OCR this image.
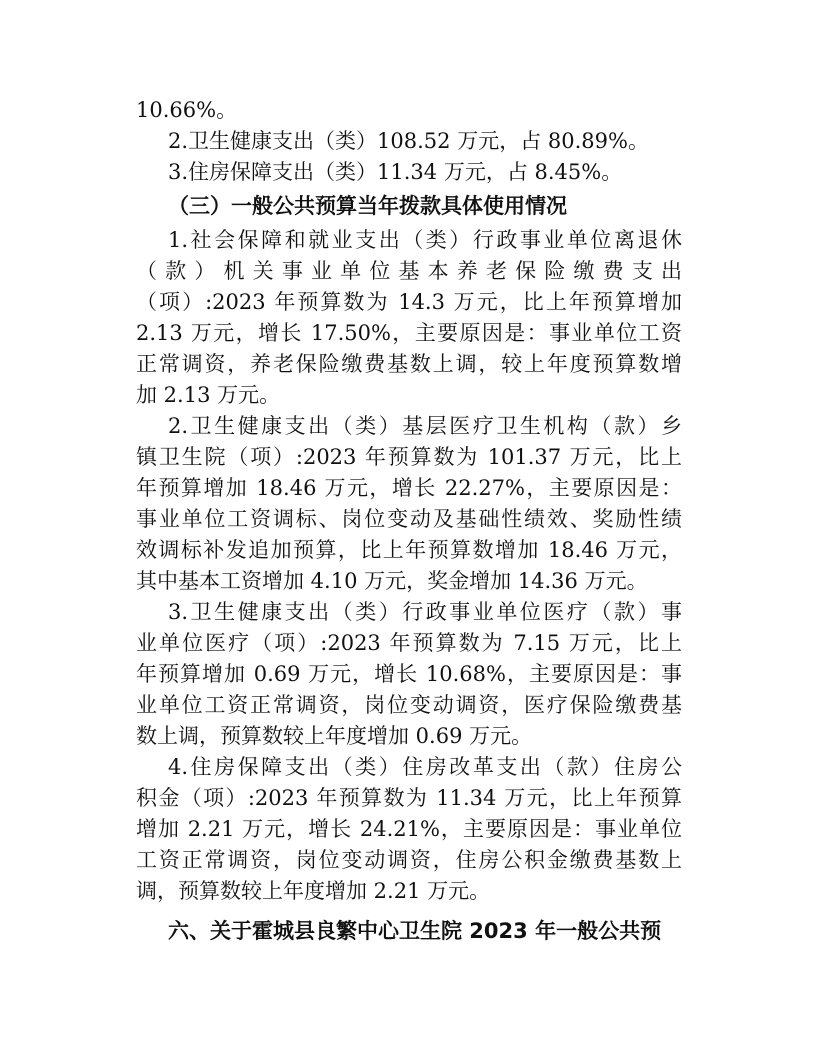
10.66%。
2.卫生健康支出（类）108.52 万元，占 80.89%。
3.住房保障支出（类）11.34 万元，占 8.45%。
（三）一般公共预算当年拨款具体使用情况
1.社会保障和就业支出（类）行政事业单位离退休
（款）机关事业单位基本养老保险缴费支出
（项）:2023 年预算数为 14.3 万元，比上年预算增加
2.13 万元，增长 17.50%，主要原因是：事业单位工资
正常调资，养老保险缴费基数上调，较上年度预算数增
加 2.13 万元。
2.卫生健康支出（类）基层医疗卫生机构（款）乡
镇卫生院（项）:2023 年预算数为 101.37 万元，比上
年预算增加 18.46 万元，增长 22.27%，主要原因是：
事业单位工资调标、岗位变动及基础性绩效、奖励性绩
效调标补发追加预算，比上年预算数增加 18.46 万元，
其中基本工资增加 4.10 万元，奖金增加 14.36 万元。
3.卫生健康支出（类）行政事业单位医疗（款）事
业单位医疗（项）:2023 年预算数为 7.15 万元，比上
年预算增加 0.69 万元，增长 10.68%，主要原因是：事
业单位工资正常调资，岗位变动调资，医疗保险缴费基
数上调，预算数较上年度增加 0.69 万元。
4.住房保障支出（类）住房改革支出（款）住房公
积金（项）:2023 年预算数为 11.34 万元，比上年预算
增加 2.21 万元，增长 24.21%，主要原因是：事业单位
工资正常调资，岗位变动调资，住房公积金缴费基数上
调，预算数较上年度增加 2.21 万元。
六、关于霍城县良繁中心卫生院 2023 年一般公共预
